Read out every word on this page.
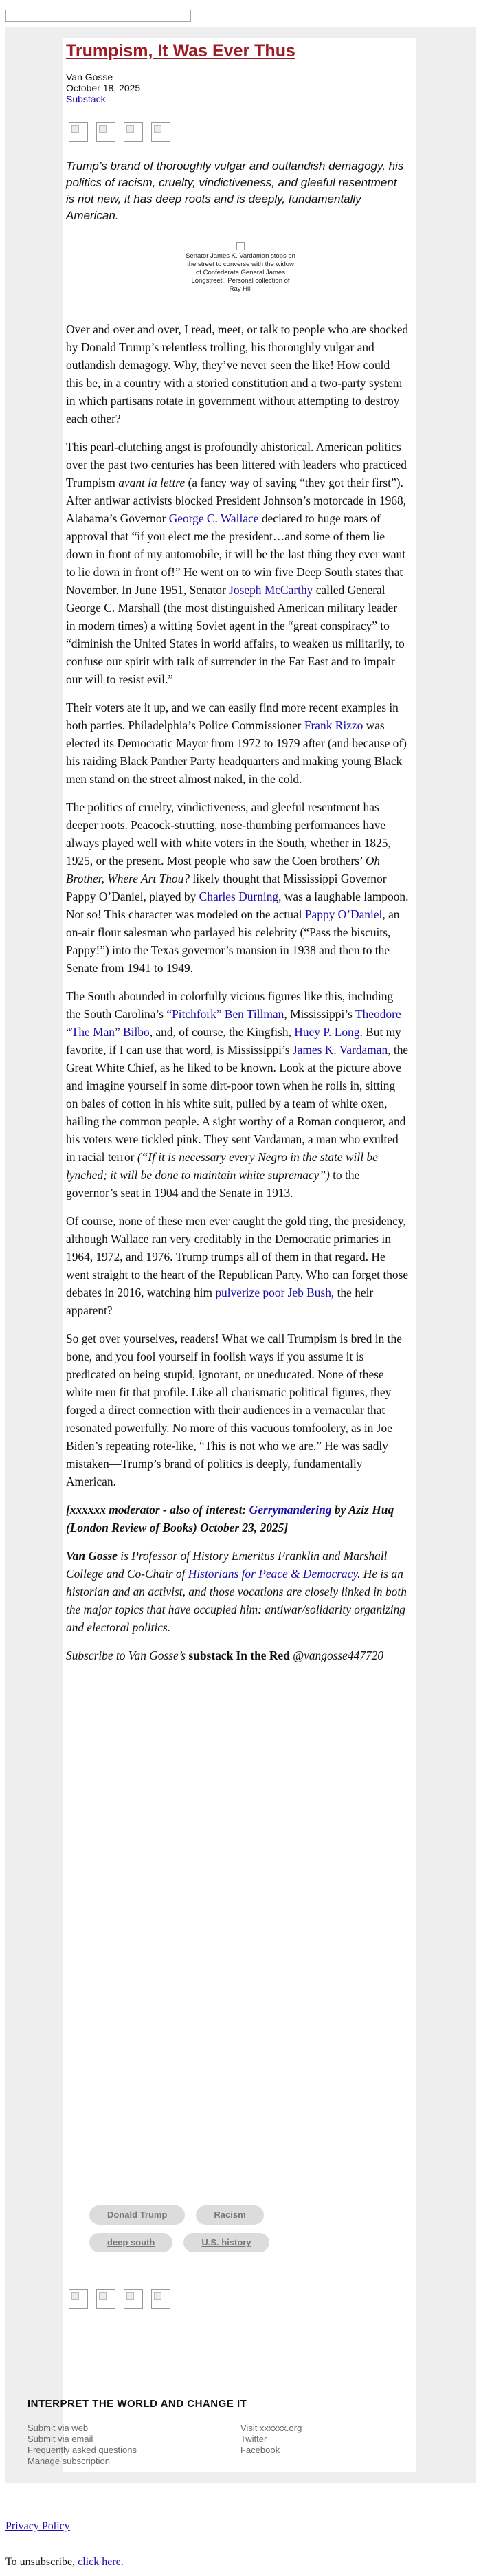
Trumpism, It Was Ever Thus
Van Gosse
October 18, 2025
Substack

Trump’s brand of thoroughly vulgar and outlandish demagogy, his politics of racism, cruelty, vindictiveness, and gleeful resentment is not new, it has deep roots and is deeply, fundamentally American.

Senator James K. Vardaman stops on the street to converse with the widow of Confederate General James Longstreet., Personal collection of Ray Hill

Over and over and over, I read, meet, or talk to people who are shocked by Donald Trump’s relentless trolling, his thoroughly vulgar and outlandish demagogy. Why, they’ve never seen the like! How could this be, in a country with a storied constitution and a two-party system in which partisans rotate in government without attempting to destroy each other?

This pearl-clutching angst is profoundly ahistorical. American politics over the past two centuries has been littered with leaders who practiced Trumpism avant la lettre (a fancy way of saying “they got their first”). After antiwar activists blocked President Johnson’s motorcade in 1968, Alabama’s Governor George C. Wallace declared to huge roars of approval that “if you elect me the president…and some of them lie down in front of my automobile, it will be the last thing they ever want to lie down in front of!” He went on to win five Deep South states that November. In June 1951, Senator Joseph McCarthy called General George C. Marshall (the most distinguished American military leader in modern times) a witting Soviet agent in the “great conspiracy” to “diminish the United States in world affairs, to weaken us militarily, to confuse our spirit with talk of surrender in the Far East and to impair our will to resist evil.”

Their voters ate it up, and we can easily find more recent examples in both parties. Philadelphia’s Police Commissioner Frank Rizzo was elected its Democratic Mayor from 1972 to 1979 after (and because of) his raiding Black Panther Party headquarters and making young Black men stand on the street almost naked, in the cold.

The politics of cruelty, vindictiveness, and gleeful resentment has deeper roots. Peacock-strutting, nose-thumbing performances have always played well with white voters in the South, whether in 1825, 1925, or the present. Most people who saw the Coen brothers’ Oh Brother, Where Art Thou? likely thought that Mississippi Governor Pappy O’Daniel, played by Charles Durning, was a laughable lampoon. Not so! This character was modeled on the actual Pappy O’Daniel, an on-air flour salesman who parlayed his celebrity (“Pass the biscuits, Pappy!”) into the Texas governor’s mansion in 1938 and then to the Senate from 1941 to 1949.

The South abounded in colorfully vicious figures like this, including the South Carolina’s “Pitchfork” Ben Tillman, Mississippi’s Theodore “The Man” Bilbo, and, of course, the Kingfish, Huey P. Long. But my favorite, if I can use that word, is Mississippi’s James K. Vardaman, the Great White Chief, as he liked to be known. Look at the picture above and imagine yourself in some dirt-poor town when he rolls in, sitting on bales of cotton in his white suit, pulled by a team of white oxen, hailing the common people. A sight worthy of a Roman conqueror, and his voters were tickled pink. They sent Vardaman, a man who exulted in racial terror (“If it is necessary every Negro in the state will be lynched; it will be done to maintain white supremacy”) to the governor’s seat in 1904 and the Senate in 1913.

Of course, none of these men ever caught the gold ring, the presidency, although Wallace ran very creditably in the Democratic primaries in 1964, 1972, and 1976. Trump trumps all of them in that regard. He went straight to the heart of the Republican Party. Who can forget those debates in 2016, watching him pulverize poor Jeb Bush, the heir apparent?

So get over yourselves, readers! What we call Trumpism is bred in the bone, and you fool yourself in foolish ways if you assume it is predicated on being stupid, ignorant, or uneducated. None of these white men fit that profile. Like all charismatic political figures, they forged a direct connection with their audiences in a vernacular that resonated powerfully. No more of this vacuous tomfoolery, as in Joe Biden’s repeating rote-like, “This is not who we are.” He was sadly mistaken—Trump’s brand of politics is deeply, fundamentally American.

[xxxxxx moderator - also of interest: Gerrymandering by Aziz Huq (London Review of Books) October 23, 2025]

Van Gosse is Professor of History Emeritus Franklin and Marshall College and Co-Chair of Historians for Peace & Democracy. He is an historian and an activist, and those vocations are closely linked in both the major topics that have occupied him: antiwar/solidarity organizing and electoral politics.

Subscribe to Van Gosse’s substack In the Red @vangosse447720

Donald Trump	Racism
deep south	U.S. history
INTERPRET THE WORLD AND CHANGE IT
Submit via web
Submit via email
Frequently asked questions
Manage subscription
Visit xxxxxx.org
Twitter
Facebook
Privacy Policy
To unsubscribe, click here.
